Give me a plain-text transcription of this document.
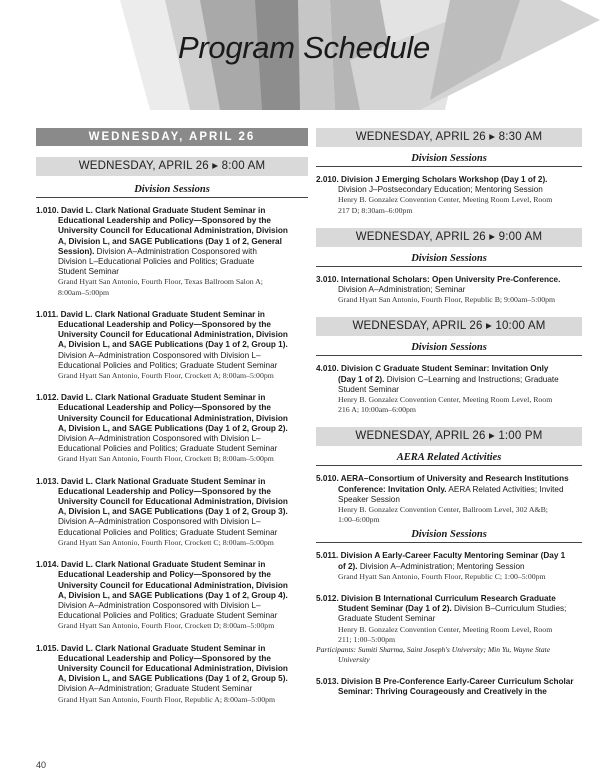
Program Schedule
WEDNESDAY, APRIL 26
WEDNESDAY, APRIL 26 ▸ 8:00 AM
Division Sessions
1.010. David L. Clark National Graduate Student Seminar in
Educational Leadership and Policy—Sponsored by the
University Council for Educational Administration, Division
A, Division L, and SAGE Publications (Day 1 of 2, General
Session). Division A–Administration Cosponsored with
Division L–Educational Policies and Politics; Graduate
Student Seminar
Grand Hyatt San Antonio, Fourth Floor, Texas Ballroom Salon A;
8:00am–5:00pm
1.011. David L. Clark National Graduate Student Seminar in
Educational Leadership and Policy—Sponsored by the
University Council for Educational Administration, Division
A, Division L, and SAGE Publications (Day 1 of 2, Group 1).
Division A–Administration Cosponsored with Division L–
Educational Policies and Politics; Graduate Student Seminar
Grand Hyatt San Antonio, Fourth Floor, Crockett A; 8:00am–5:00pm
1.012. David L. Clark National Graduate Student Seminar in
Educational Leadership and Policy—Sponsored by the
University Council for Educational Administration, Division
A, Division L, and SAGE Publications (Day 1 of 2, Group 2).
Division A–Administration Cosponsored with Division L–
Educational Policies and Politics; Graduate Student Seminar
Grand Hyatt San Antonio, Fourth Floor, Crockett B; 8:00am–5:00pm
1.013. David L. Clark National Graduate Student Seminar in
Educational Leadership and Policy—Sponsored by the
University Council for Educational Administration, Division
A, Division L, and SAGE Publications (Day 1 of 2, Group 3).
Division A–Administration Cosponsored with Division L–
Educational Policies and Politics; Graduate Student Seminar
Grand Hyatt San Antonio, Fourth Floor, Crockett C; 8:00am–5:00pm
1.014. David L. Clark National Graduate Student Seminar in
Educational Leadership and Policy—Sponsored by the
University Council for Educational Administration, Division
A, Division L, and SAGE Publications (Day 1 of 2, Group 4).
Division A–Administration Cosponsored with Division L–
Educational Policies and Politics; Graduate Student Seminar
Grand Hyatt San Antonio, Fourth Floor, Crockett D; 8:00am–5:00pm
1.015. David L. Clark National Graduate Student Seminar in
Educational Leadership and Policy—Sponsored by the
University Council for Educational Administration, Division
A, Division L, and SAGE Publications (Day 1 of 2, Group 5).
Division A–Administration; Graduate Student Seminar
Grand Hyatt San Antonio, Fourth Floor, Republic A; 8:00am–5:00pm
WEDNESDAY, APRIL 26 ▸ 8:30 AM
Division Sessions
2.010. Division J Emerging Scholars Workshop (Day 1 of 2).
Division J–Postsecondary Education; Mentoring Session
Henry B. Gonzalez Convention Center, Meeting Room Level, Room
217 D; 8:30am–6:00pm
WEDNESDAY, APRIL 26 ▸ 9:00 AM
Division Sessions
3.010. International Scholars: Open University Pre-Conference.
Division A–Administration; Seminar
Grand Hyatt San Antonio, Fourth Floor, Republic B; 9:00am–5:00pm
WEDNESDAY, APRIL 26 ▸ 10:00 AM
Division Sessions
4.010. Division C Graduate Student Seminar: Invitation Only
(Day 1 of 2). Division C–Learning and Instructions; Graduate
Student Seminar
Henry B. Gonzalez Convention Center, Meeting Room Level, Room
216 A; 10:00am–6:00pm
WEDNESDAY, APRIL 26 ▸ 1:00 PM
AERA Related Activities
5.010. AERA–Consortium of University and Research Institutions
Conference: Invitation Only. AERA Related Activities; Invited
Speaker Session
Henry B. Gonzalez Convention Center, Ballroom Level, 302 A&B;
1:00–6:00pm
Division Sessions
5.011. Division A Early-Career Faculty Mentoring Seminar (Day 1
of 2). Division A–Administration; Mentoring Session
Grand Hyatt San Antonio, Fourth Floor, Republic C; 1:00–5:00pm
5.012. Division B International Curriculum Research Graduate
Student Seminar (Day 1 of 2). Division B–Curriculum Studies;
Graduate Student Seminar
Henry B. Gonzalez Convention Center, Meeting Room Level, Room
211; 1:00–5:00pm
Participants: Sumiti Sharma, Saint Joseph's University; Min Yu, Wayne State
University
5.013. Division B Pre-Conference Early-Career Curriculum Scholar
Seminar: Thriving Courageously and Creatively in the
40
